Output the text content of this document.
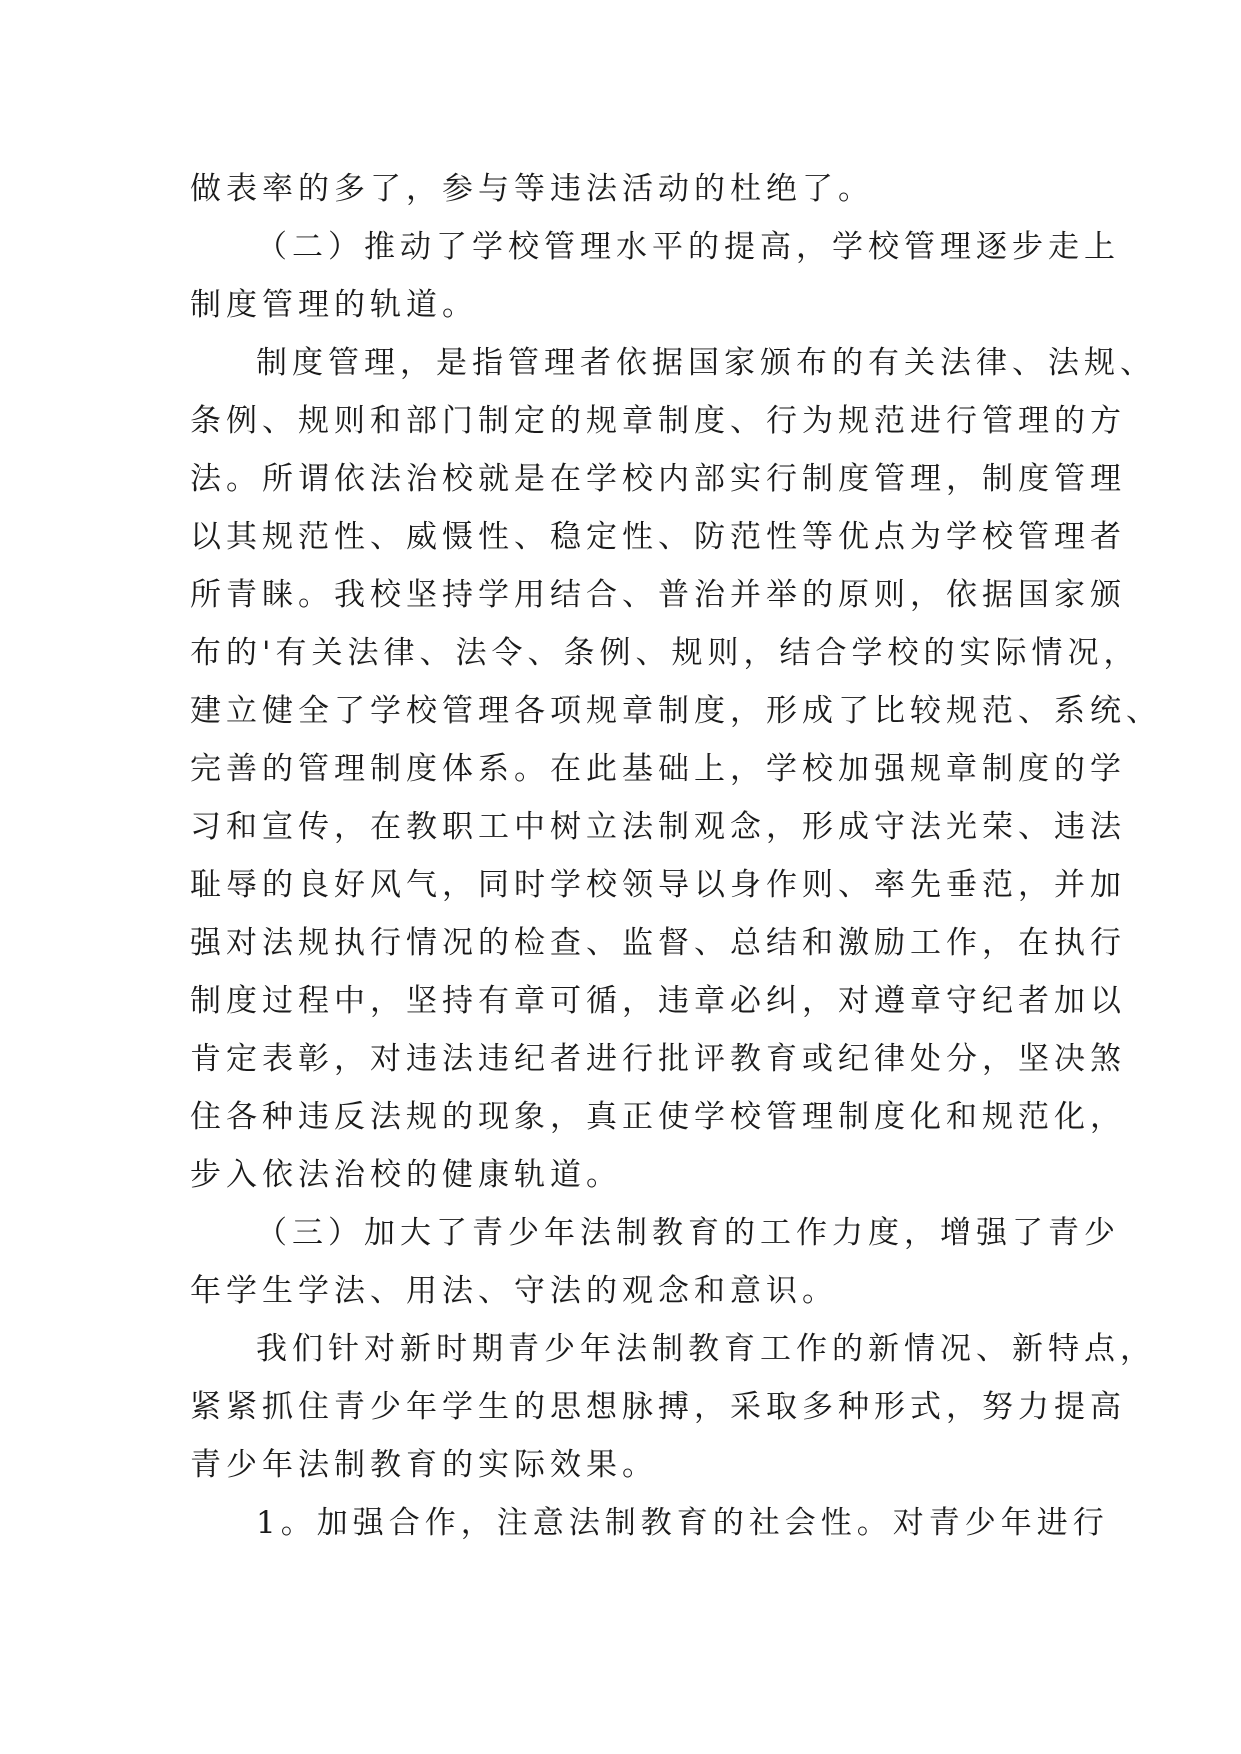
做表率的多了，参与等违法活动的杜绝了。
（二）推动了学校管理水平的提高，学校管理逐步走上
制度管理的轨道。
制度管理，是指管理者依据国家颁布的有关法律、法规、
条例、规则和部门制定的规章制度、行为规范进行管理的方
法。所谓依法治校就是在学校内部实行制度管理，制度管理
以其规范性、威慑性、稳定性、防范性等优点为学校管理者
所青睐。我校坚持学用结合、普治并举的原则，依据国家颁
布的'有关法律、法令、条例、规则，结合学校的实际情况，
建立健全了学校管理各项规章制度，形成了比较规范、系统、
完善的管理制度体系。在此基础上，学校加强规章制度的学
习和宣传，在教职工中树立法制观念，形成守法光荣、违法
耻辱的良好风气，同时学校领导以身作则、率先垂范，并加
强对法规执行情况的检查、监督、总结和激励工作，在执行
制度过程中，坚持有章可循，违章必纠，对遵章守纪者加以
肯定表彰，对违法违纪者进行批评教育或纪律处分，坚决煞
住各种违反法规的现象，真正使学校管理制度化和规范化，
步入依法治校的健康轨道。
（三）加大了青少年法制教育的工作力度，增强了青少
年学生学法、用法、守法的观念和意识。
我们针对新时期青少年法制教育工作的新情况、新特点，
紧紧抓住青少年学生的思想脉搏，采取多种形式，努力提高
青少年法制教育的实际效果。
1。加强合作，注意法制教育的社会性。对青少年进行
